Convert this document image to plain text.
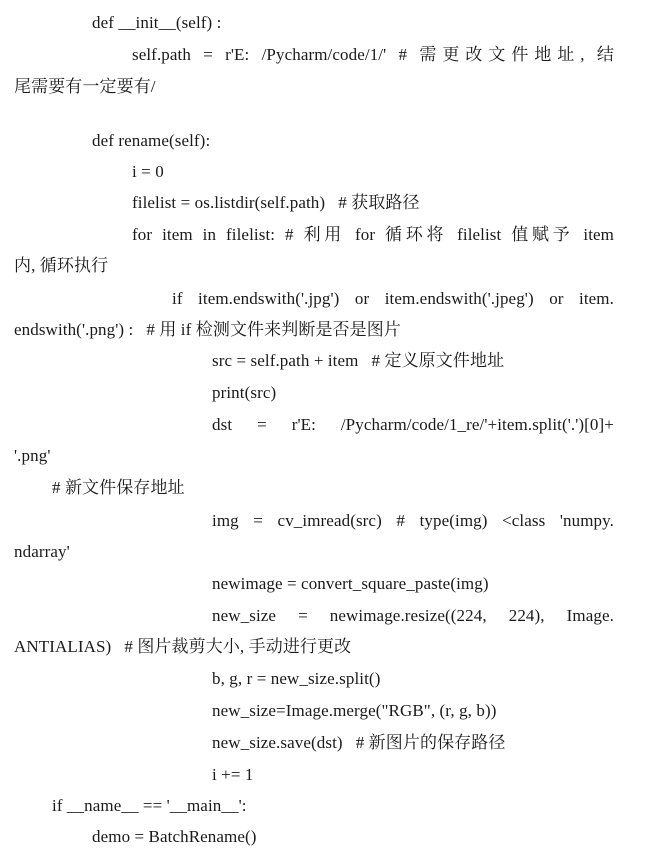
def __init__(self) :
self.path = r'E: /Pycharm/code/1/' # 需更改文件地址, 结
尾需要有一定要有/
def rename(self):
i = 0
filelist = os.listdir(self.path)   # 获取路径
for item in filelist: # 利用 for 循环将 filelist 值赋予 item
内, 循环执行
if item.endswith('.jpg') or item.endswith('.jpeg') or item.
endswith('.png') :   # 用 if 检测文件来判断是否是图片
src = self.path + item   # 定义原文件地址
print(src)
dst = r'E: /Pycharm/code/1_re/'+item.split('.')[0]+
'.png'
# 新文件保存地址
img = cv_imread(src) # type(img) <class 'numpy.
ndarray'
newimage = convert_square_paste(img)
new_size = newimage.resize((224, 224), Image.
ANTIALIAS)   # 图片裁剪大小, 手动进行更改
b, g, r = new_size.split()
new_size=Image.merge("RGB", (r, g, b))
new_size.save(dst)   # 新图片的保存路径
i += 1
if __name__ == '__main__':
demo = BatchRename()
